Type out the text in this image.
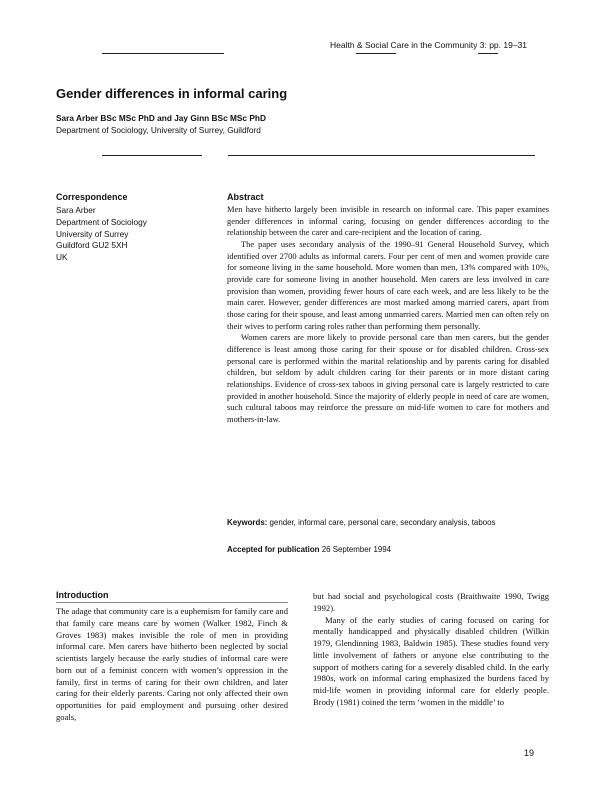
Health & Social Care in the Community 3: pp. 19–31
Gender differences in informal caring
Sara Arber BSc MSc PhD and Jay Ginn BSc MSc PhD
Department of Sociology, University of Surrey, Guildford
Correspondence
Sara Arber
Department of Sociology
University of Surrey
Guildford GU2 5XH
UK
Abstract

Men have hitherto largely been invisible in research on informal care. This paper examines gender differences in informal caring, focusing on gender differences according to the relationship between the carer and care-recipient and the location of caring.

The paper uses secondary analysis of the 1990–91 General Household Survey, which identified over 2700 adults as informal carers. Four per cent of men and women provide care for someone living in the same household. More women than men, 13% compared with 10%, provide care for someone living in another household. Men carers are less involved in care provision than women, providing fewer hours of care each week, and are less likely to be the main carer. However, gender differences are most marked among married carers, apart from those caring for their spouse, and least among unmarried carers. Married men can often rely on their wives to perform caring roles rather than performing them personally.

Women carers are more likely to provide personal care than men carers, but the gender difference is least among those caring for their spouse or for disabled children. Cross-sex personal care is performed within the marital relationship and by parents caring for disabled children, but seldom by adult children caring for their parents or in more distant caring relationships. Evidence of cross-sex taboos in giving personal care is largely restricted to care provided in another household. Since the majority of elderly people in need of care are women, such cultural taboos may reinforce the pressure on mid-life women to care for mothers and mothers-in-law.

Keywords: gender, informal care, personal care, secondary analysis, taboos
Accepted for publication 26 September 1994
Introduction

The adage that community care is a euphemism for family care and that family care means care by women (Walker 1982, Finch & Groves 1983) makes invisible the role of men in providing informal care. Men carers have hitherto been neglected by social scientists largely because the early studies of informal care were born out of a feminist concern with women’s oppression in the family, first in terms of caring for their own children, and later caring for their elderly parents. Caring not only affected their own opportunities for paid employment and pursuing other desired goals,

but had social and psychological costs (Braithwaite 1990, Twigg 1992).

Many of the early studies of caring focused on caring for mentally handicapped and physically disabled children (Wilkin 1979, Glendinning 1983, Baldwin 1985). These studies found very little involvement of fathers or anyone else contributing to the support of mothers caring for a severely disabled child. In the early 1980s, work on informal caring emphasized the burdens faced by mid-life women in providing informal care for elderly people. Brody (1981) coined the term ‘women in the middle’ to

19
